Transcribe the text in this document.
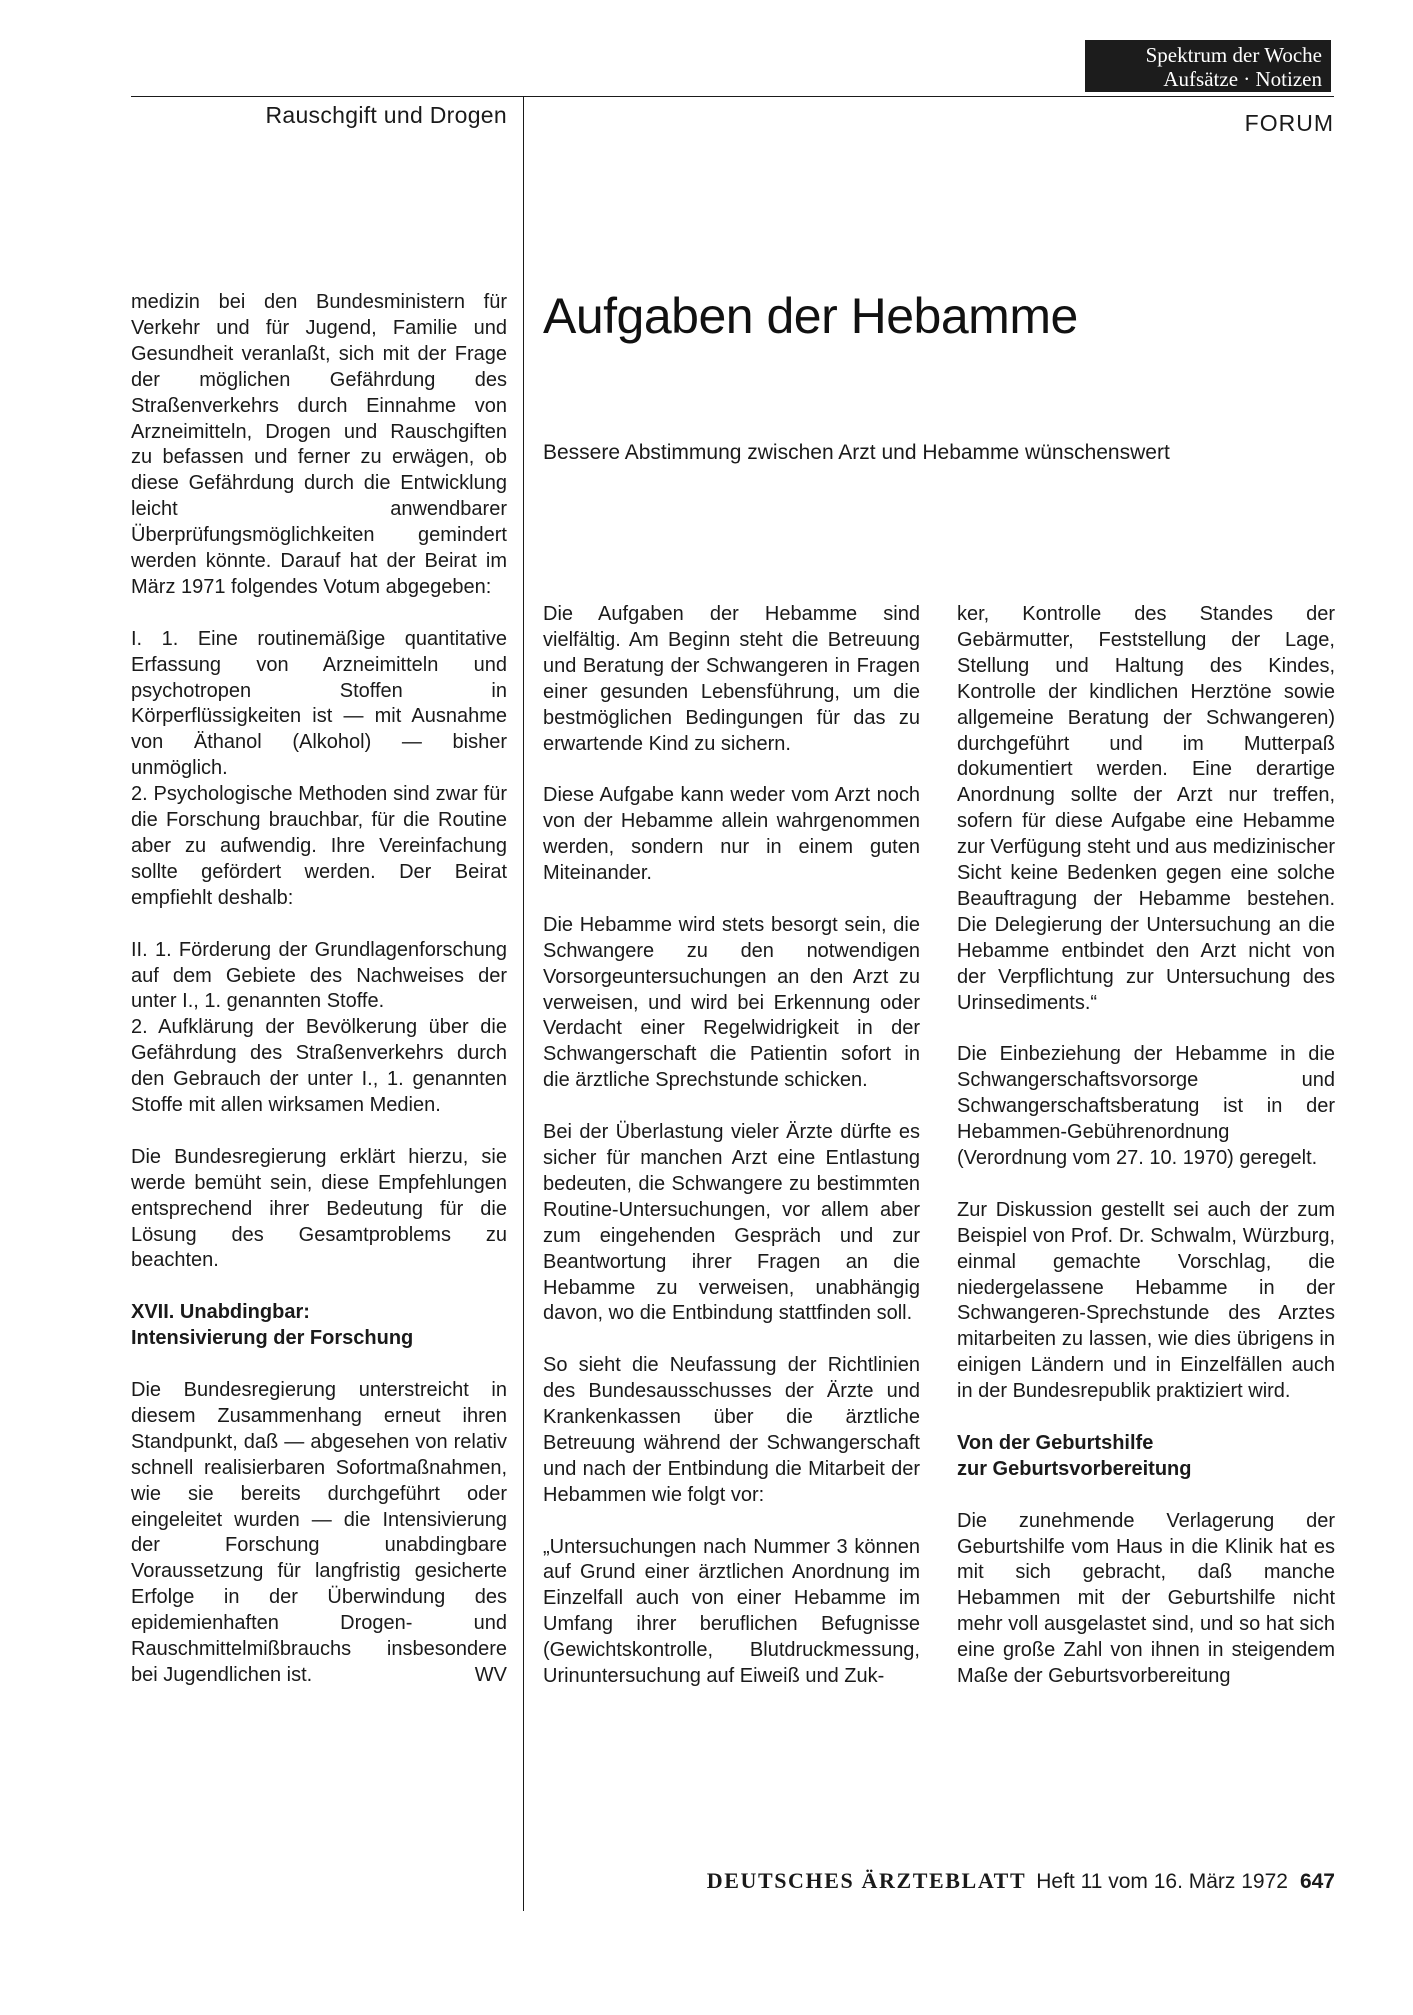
Spektrum der Woche
Aufsätze · Notizen
Rauschgift und Drogen	FORUM

medizin bei den Bundesministern für Verkehr und für Jugend, Familie und Gesundheit veranlaßt, sich mit der Frage der möglichen Gefährdung des Straßenverkehrs durch Einnahme von Arzneimitteln, Drogen und Rauschgiften zu befassen und ferner zu erwägen, ob diese Gefährdung durch die Entwicklung leicht anwendbarer Überprüfungsmöglichkeiten gemindert werden könnte. Darauf hat der Beirat im März 1971 folgendes Votum abgegeben:

I. 1. Eine routinemäßige quantitative Erfassung von Arzneimitteln und psychotropen Stoffen in Körperflüssigkeiten ist — mit Ausnahme von Äthanol (Alkohol) — bisher unmöglich.
2. Psychologische Methoden sind zwar für die Forschung brauchbar, für die Routine aber zu aufwendig. Ihre Vereinfachung sollte gefördert werden. Der Beirat empfiehlt deshalb:

II. 1. Förderung der Grundlagenforschung auf dem Gebiete des Nachweises der unter I., 1. genannten Stoffe.
2. Aufklärung der Bevölkerung über die Gefährdung des Straßenverkehrs durch den Gebrauch der unter I., 1. genannten Stoffe mit allen wirksamen Medien.

Die Bundesregierung erklärt hierzu, sie werde bemüht sein, diese Empfehlungen entsprechend ihrer Bedeutung für die Lösung des Gesamtproblems zu beachten.

XVII. Unabdingbar:
Intensivierung der Forschung

Die Bundesregierung unterstreicht in diesem Zusammenhang erneut ihren Standpunkt, daß — abgesehen von relativ schnell realisierbaren Sofortmaßnahmen, wie sie bereits durchgeführt oder eingeleitet wurden — die Intensivierung der Forschung unabdingbare Voraussetzung für langfristig gesicherte Erfolge in der Überwindung des epidemienhaften Drogen- und Rauschmittelmißbrauchs insbesondere bei Jugendlichen ist.	WV

Aufgaben der Hebamme
Bessere Abstimmung zwischen Arzt und Hebamme wünschenswert

Die Aufgaben der Hebamme sind vielfältig. Am Beginn steht die Betreuung und Beratung der Schwangeren in Fragen einer gesunden Lebensführung, um die bestmöglichen Bedingungen für das zu erwartende Kind zu sichern.

Diese Aufgabe kann weder vom Arzt noch von der Hebamme allein wahrgenommen werden, sondern nur in einem guten Miteinander.

Die Hebamme wird stets besorgt sein, die Schwangere zu den notwendigen Vorsorgeuntersuchungen an den Arzt zu verweisen, und wird bei Erkennung oder Verdacht einer Regelwidrigkeit in der Schwangerschaft die Patientin sofort in die ärztliche Sprechstunde schicken.

Bei der Überlastung vieler Ärzte dürfte es sicher für manchen Arzt eine Entlastung bedeuten, die Schwangere zu bestimmten Routine-Untersuchungen, vor allem aber zum eingehenden Gespräch und zur Beantwortung ihrer Fragen an die Hebamme zu verweisen, unabhängig davon, wo die Entbindung stattfinden soll.

So sieht die Neufassung der Richtlinien des Bundesausschusses der Ärzte und Krankenkassen über die ärztliche Betreuung während der Schwangerschaft und nach der Entbindung die Mitarbeit der Hebammen wie folgt vor:

„Untersuchungen nach Nummer 3 können auf Grund einer ärztlichen Anordnung im Einzelfall auch von einer Hebamme im Umfang ihrer beruflichen Befugnisse (Gewichtskontrolle, Blutdruckmessung, Urinuntersuchung auf Eiweiß und Zuk-

ker, Kontrolle des Standes der Gebärmutter, Feststellung der Lage, Stellung und Haltung des Kindes, Kontrolle der kindlichen Herztöne sowie allgemeine Beratung der Schwangeren) durchgeführt und im Mutterpaß dokumentiert werden. Eine derartige Anordnung sollte der Arzt nur treffen, sofern für diese Aufgabe eine Hebamme zur Verfügung steht und aus medizinischer Sicht keine Bedenken gegen eine solche Beauftragung der Hebamme bestehen. Die Delegierung der Untersuchung an die Hebamme entbindet den Arzt nicht von der Verpflichtung zur Untersuchung des Urinsediments.“

Die Einbeziehung der Hebamme in die Schwangerschaftsvorsorge und Schwangerschaftsberatung ist in der Hebammen-Gebührenordnung (Verordnung vom 27. 10. 1970) geregelt.

Zur Diskussion gestellt sei auch der zum Beispiel von Prof. Dr. Schwalm, Würzburg, einmal gemachte Vorschlag, die niedergelassene Hebamme in der Schwangeren-Sprechstunde des Arztes mitarbeiten zu lassen, wie dies übrigens in einigen Ländern und in Einzelfällen auch in der Bundesrepublik praktiziert wird.

Von der Geburtshilfe
zur Geburtsvorbereitung

Die zunehmende Verlagerung der Geburtshilfe vom Haus in die Klinik hat es mit sich gebracht, daß manche Hebammen mit der Geburtshilfe nicht mehr voll ausgelastet sind, und so hat sich eine große Zahl von ihnen in steigendem Maße der Geburtsvorbereitung

DEUTSCHES ÄRZTEBLATT Heft 11 vom 16. März 1972 647
